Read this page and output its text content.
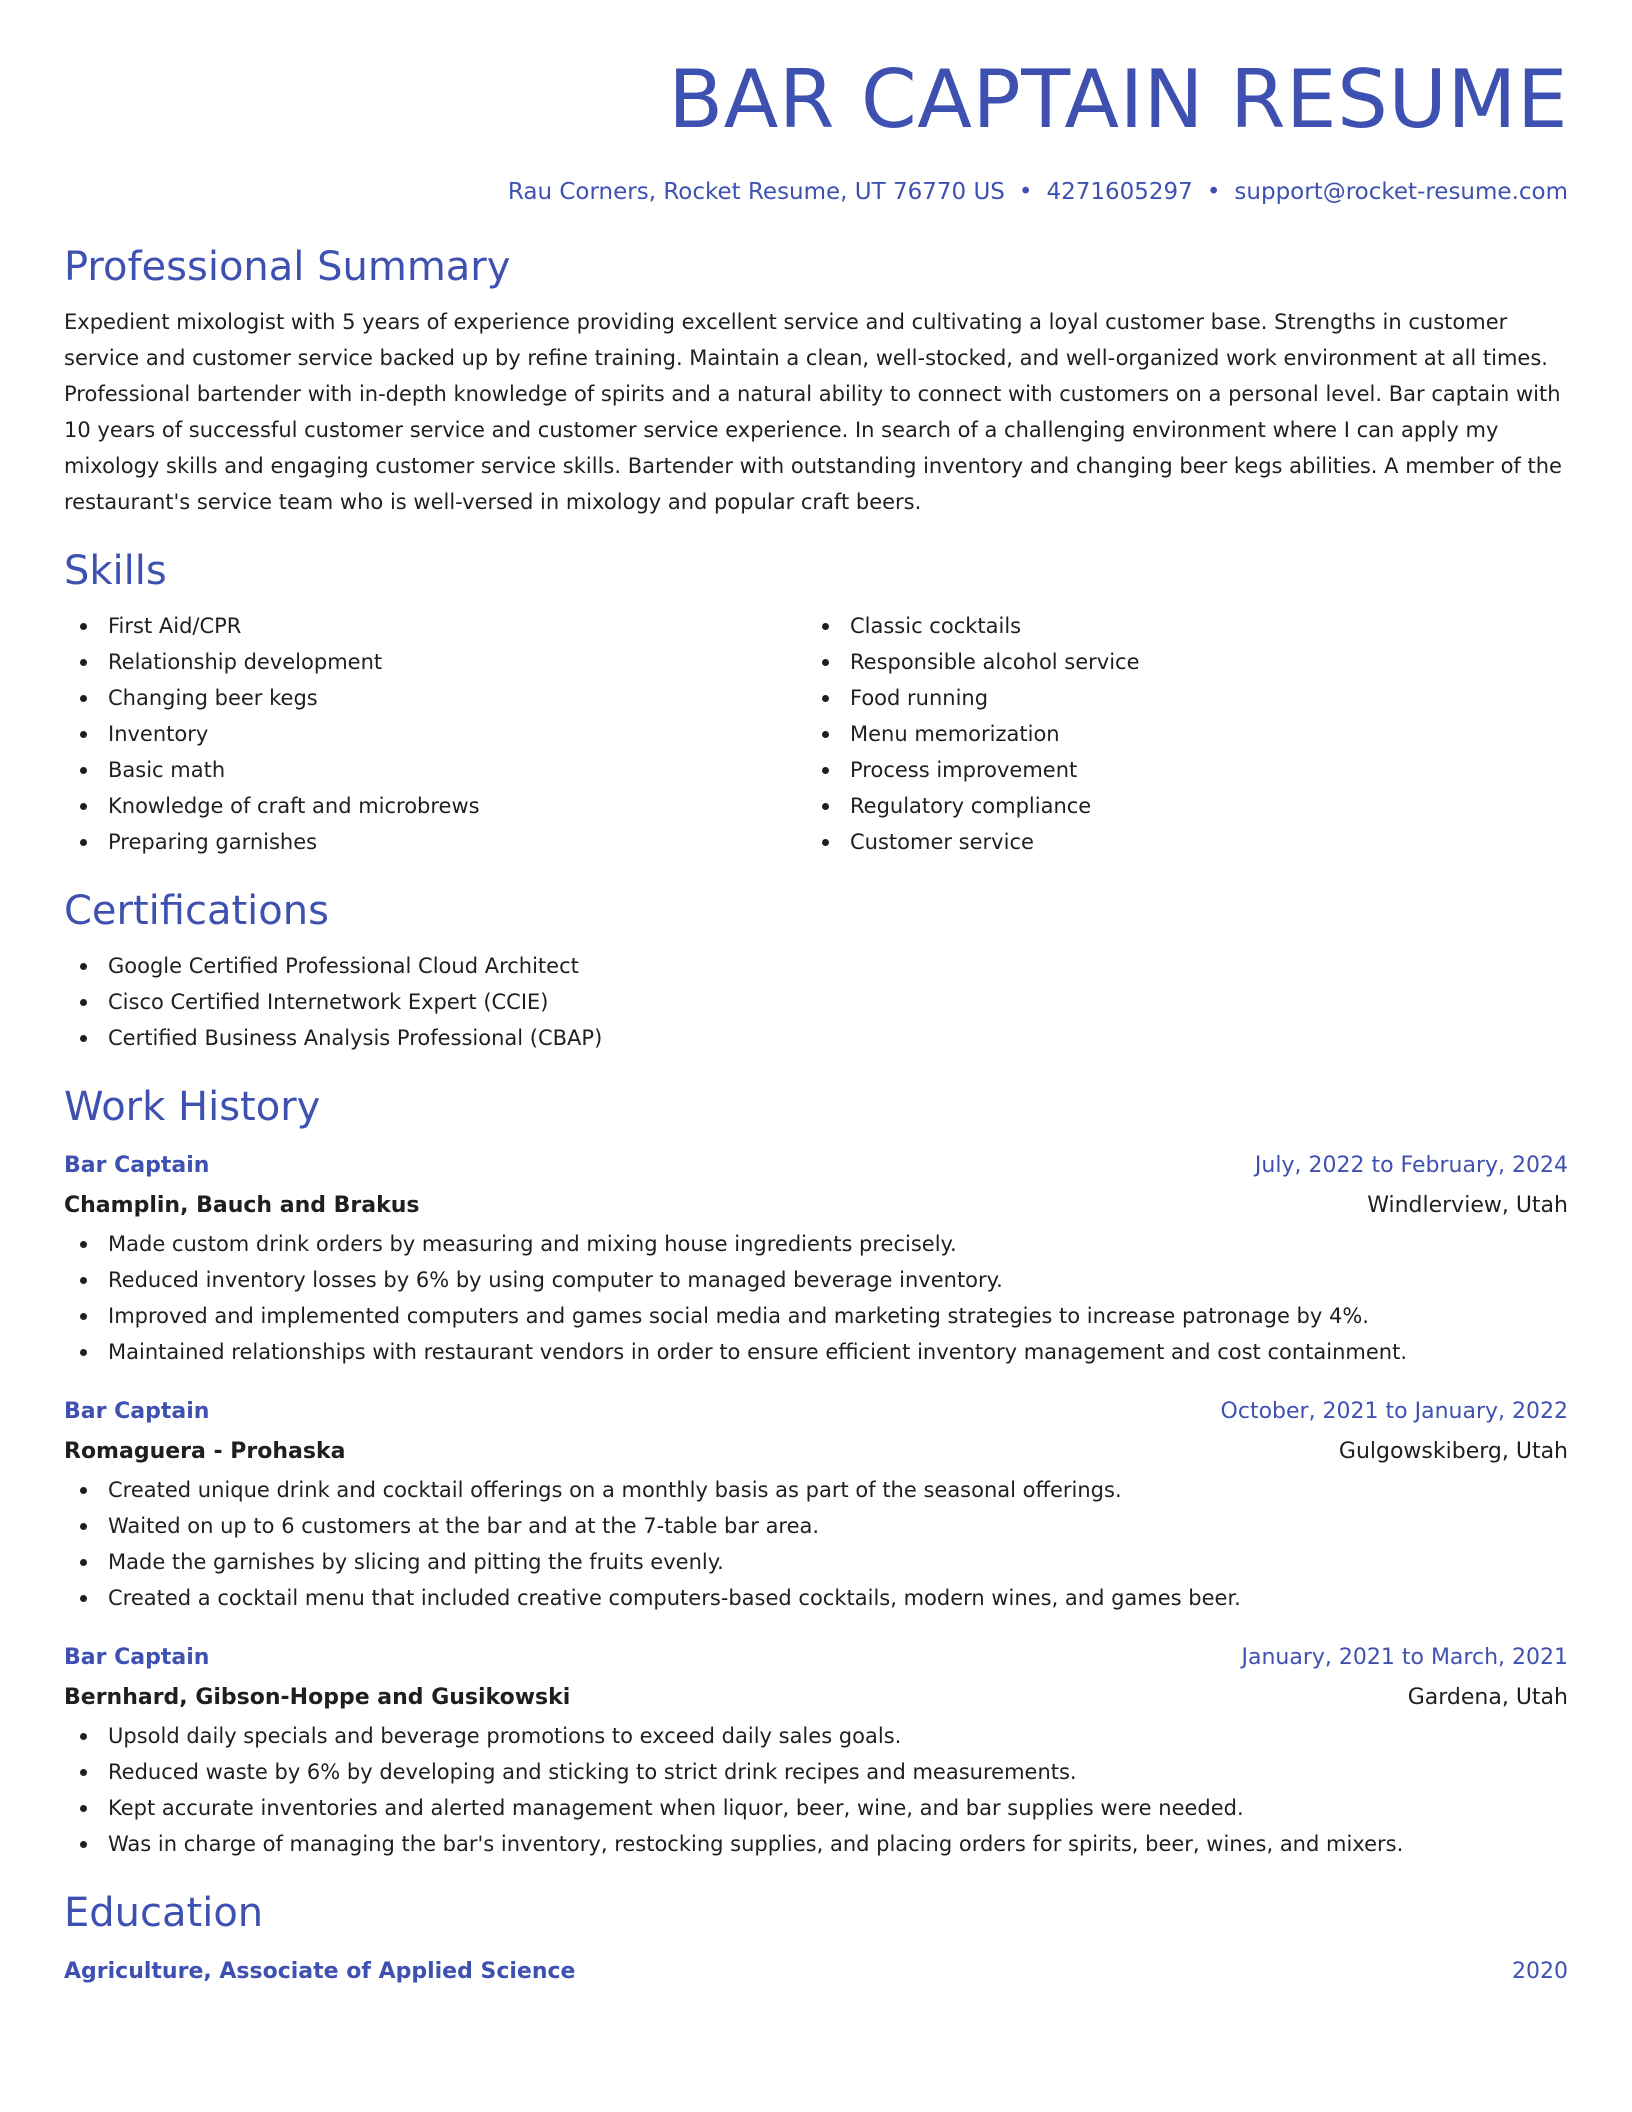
BAR CAPTAIN RESUME
Rau Corners, Rocket Resume, UT 76770 US • 4271605297 • support@rocket-resume.com
Professional Summary

Expedient mixologist with 5 years of experience providing excellent service and cultivating a loyal customer base. Strengths in customer service and customer service backed up by refine training. Maintain a clean, well-stocked, and well-organized work environment at all times. Professional bartender with in-depth knowledge of spirits and a natural ability to connect with customers on a personal level. Bar captain with 10 years of successful customer service and customer service experience. In search of a challenging environment where I can apply my mixology skills and engaging customer service skills. Bartender with outstanding inventory and changing beer kegs abilities. A member of the restaurant's service team who is well-versed in mixology and popular craft beers.

Skills
First Aid/CPR
Relationship development
Changing beer kegs
Inventory
Basic math
Knowledge of craft and microbrews
Preparing garnishes
Classic cocktails
Responsible alcohol service
Food running
Menu memorization
Process improvement
Regulatory compliance
Customer service
Certifications
Google Certified Professional Cloud Architect
Cisco Certified Internetwork Expert (CCIE)
Certified Business Analysis Professional (CBAP)
Work History
Bar Captain	July, 2022 to February, 2024
Champlin, Bauch and Brakus	Windlerview, Utah
Made custom drink orders by measuring and mixing house ingredients precisely.
Reduced inventory losses by 6% by using computer to managed beverage inventory.
Improved and implemented computers and games social media and marketing strategies to increase patronage by 4%.
Maintained relationships with restaurant vendors in order to ensure efficient inventory management and cost containment.
Bar Captain	October, 2021 to January, 2022
Romaguera - Prohaska	Gulgowskiberg, Utah
Created unique drink and cocktail offerings on a monthly basis as part of the seasonal offerings.
Waited on up to 6 customers at the bar and at the 7-table bar area.
Made the garnishes by slicing and pitting the fruits evenly.
Created a cocktail menu that included creative computers-based cocktails, modern wines, and games beer.
Bar Captain	January, 2021 to March, 2021
Bernhard, Gibson-Hoppe and Gusikowski	Gardena, Utah
Upsold daily specials and beverage promotions to exceed daily sales goals.
Reduced waste by 6% by developing and sticking to strict drink recipes and measurements.
Kept accurate inventories and alerted management when liquor, beer, wine, and bar supplies were needed.
Was in charge of managing the bar's inventory, restocking supplies, and placing orders for spirits, beer, wines, and mixers.
Education
Agriculture, Associate of Applied Science	2020
